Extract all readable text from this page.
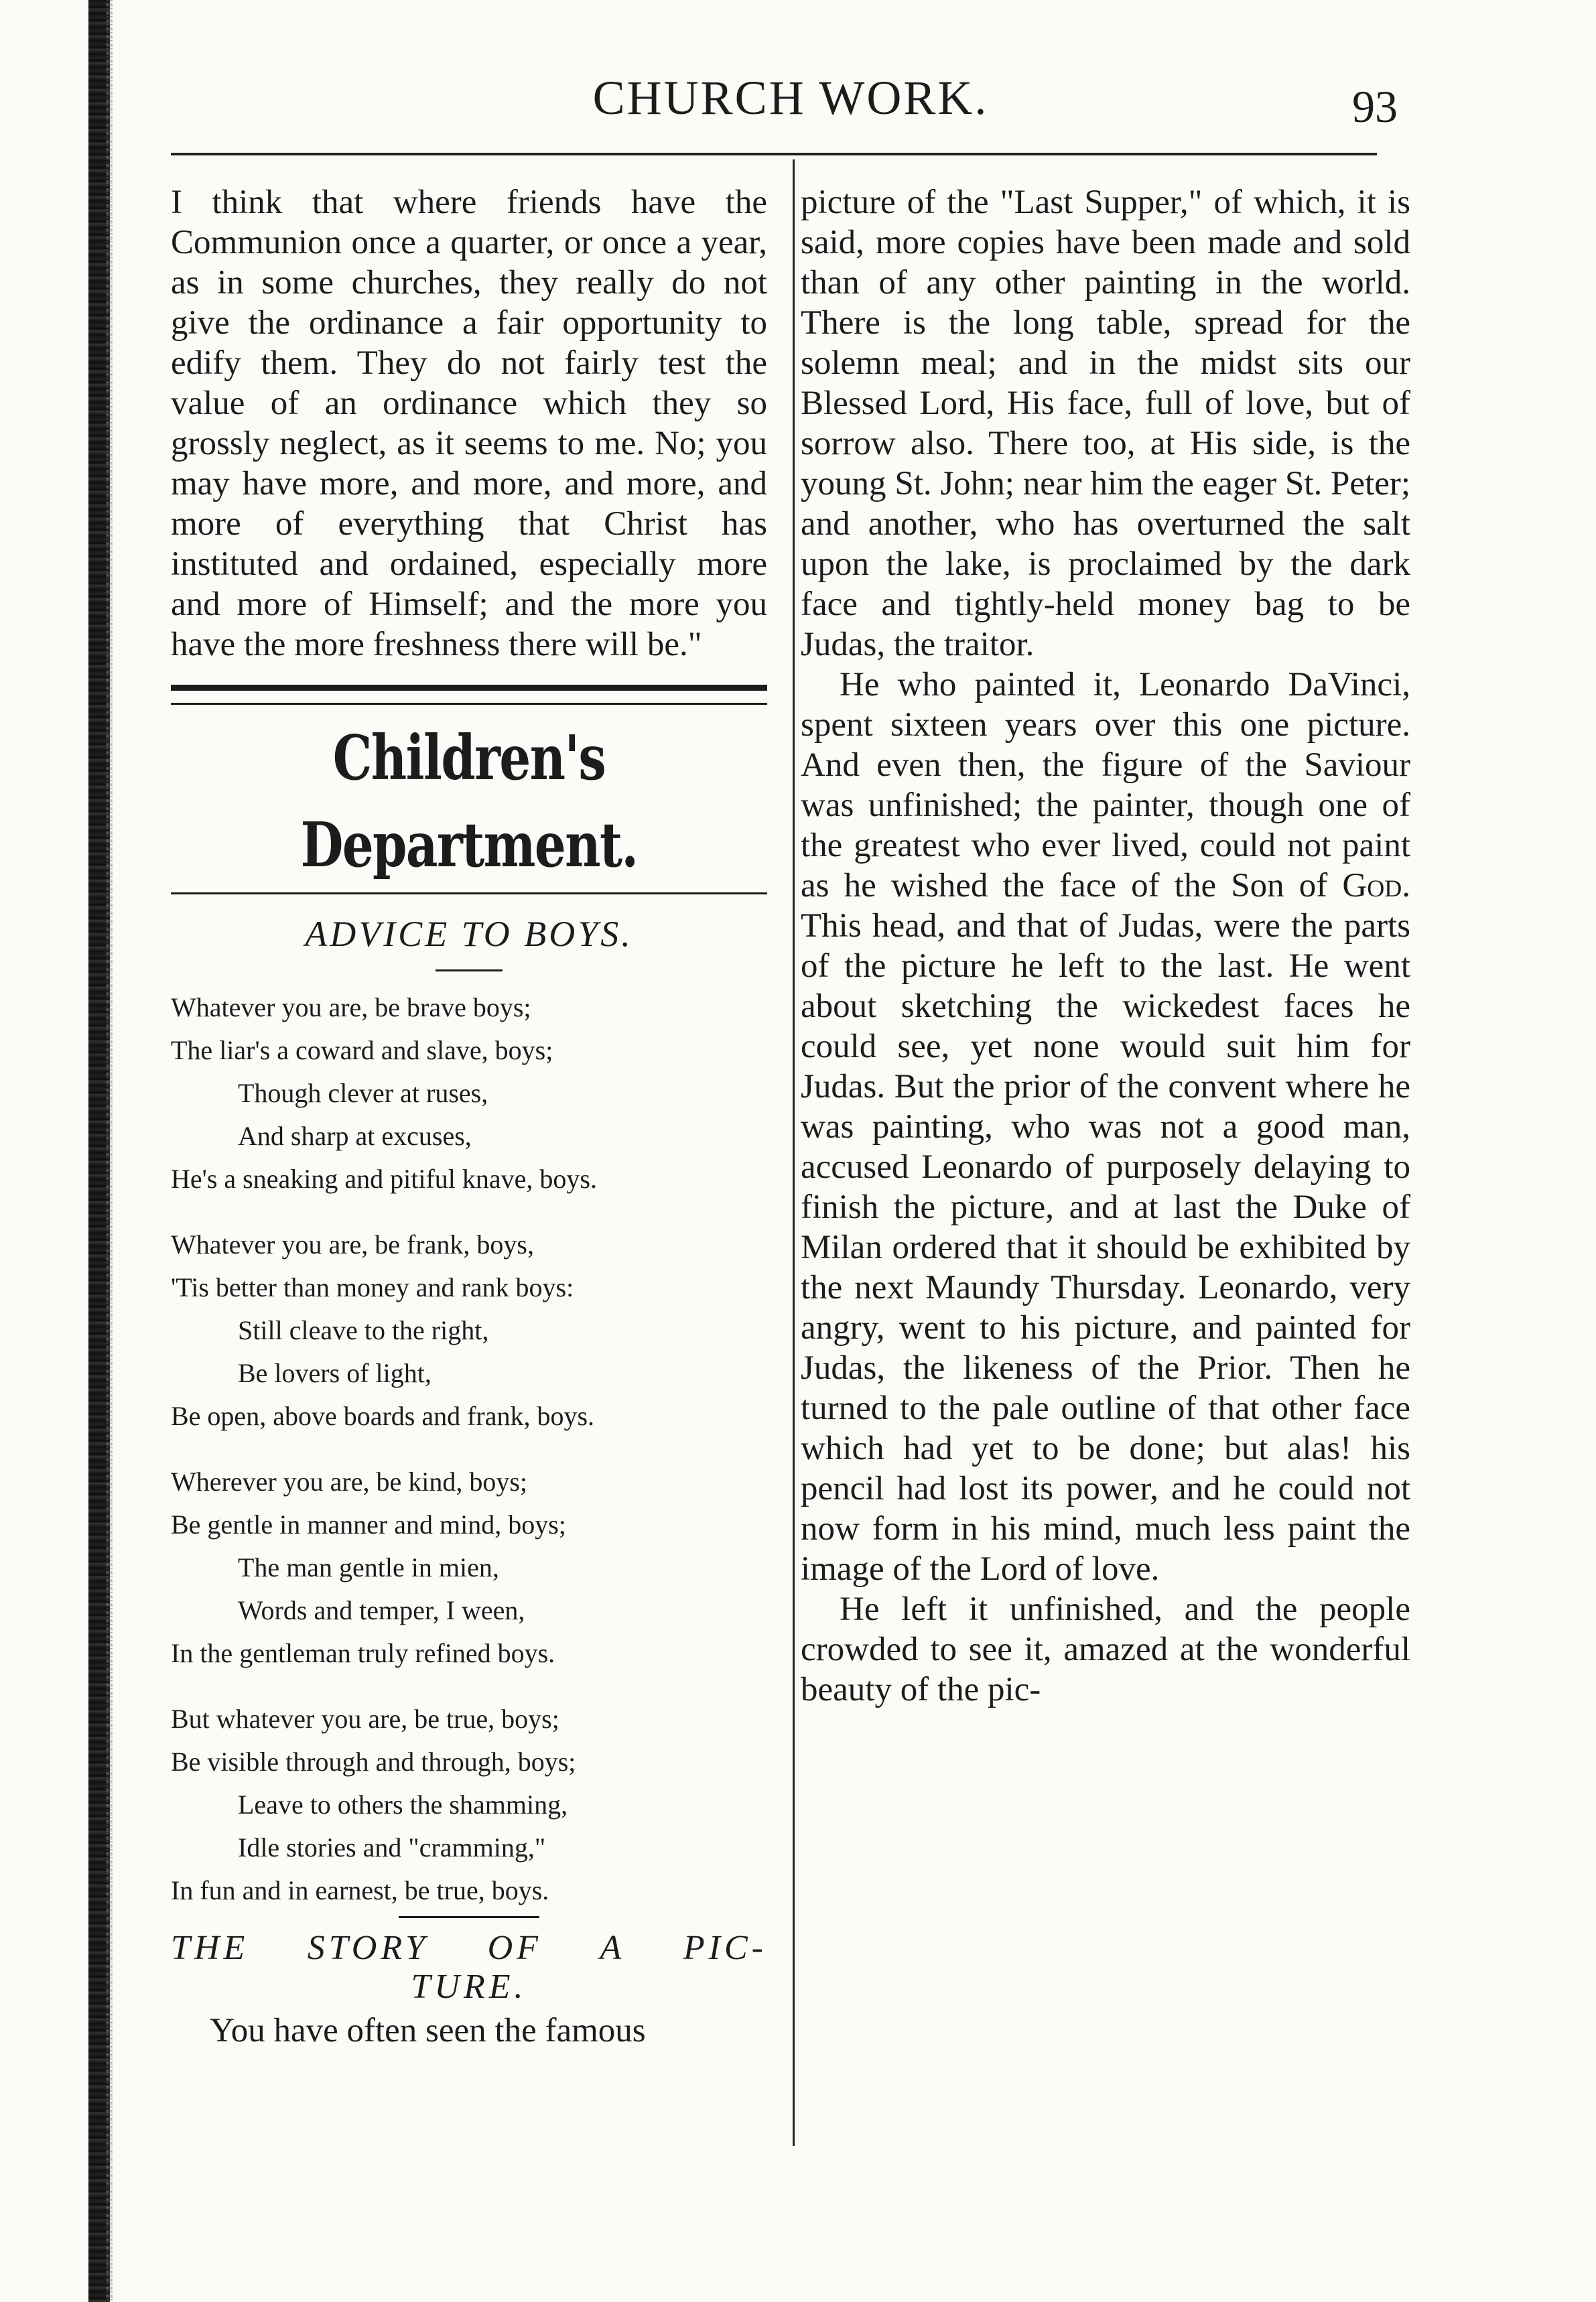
CHURCH WORK.	93

I think that where friends have the Communion once a quarter, or once a year, as in some churches, they really do not give the ordinance a fair opportunity to edify them. They do not fairly test the value of an ordinance which they so grossly neglect, as it seems to me. No; you may have more, and more, and more, and more of everything that Christ has instituted and ordained, especially more and more of Himself; and the more you have the more freshness there will be."

Children's Department.
ADVICE TO BOYS.
Whatever you are, be brave boys;
The liar's a coward and slave, boys;
Though clever at ruses,
And sharp at excuses,
He's a sneaking and pitiful knave, boys.
Whatever you are, be frank, boys,
'Tis better than money and rank boys:
Still cleave to the right,
Be lovers of light,
Be open, above boards and frank, boys.
Wherever you are, be kind, boys;
Be gentle in manner and mind, boys;
The man gentle in mien,
Words and temper, I ween,
In the gentleman truly refined boys.
But whatever you are, be true, boys;
Be visible through and through, boys;
Leave to others the shamming,
Idle stories and "cramming,"
In fun and in earnest, be true, boys.
THE STORY OF A PIC-
TURE.

You have often seen the famous

picture of the "Last Supper," of which, it is said, more copies have been made and sold than of any other painting in the world. There is the long table, spread for the solemn meal; and in the midst sits our Blessed Lord, His face, full of love, but of sorrow also. There too, at His side, is the young St. John; near him the eager St. Peter; and another, who has overturned the salt upon the lake, is proclaimed by the dark face and tightly-held money bag to be Judas, the traitor.

He who painted it, Leonardo DaVinci, spent sixteen years over this one picture. And even then, the figure of the Saviour was unfinished; the painter, though one of the greatest who ever lived, could not paint as he wished the face of the Son of God. This head, and that of Judas, were the parts of the picture he left to the last. He went about sketching the wickedest faces he could see, yet none would suit him for Judas. But the prior of the convent where he was painting, who was not a good man, accused Leonardo of purposely delaying to finish the picture, and at last the Duke of Milan ordered that it should be exhibited by the next Maundy Thursday. Leonardo, very angry, went to his picture, and painted for Judas, the likeness of the Prior. Then he turned to the pale outline of that other face which had yet to be done; but alas! his pencil had lost its power, and he could not now form in his mind, much less paint the image of the Lord of love.

He left it unfinished, and the people crowded to see it, amazed at the wonderful beauty of the pic-
